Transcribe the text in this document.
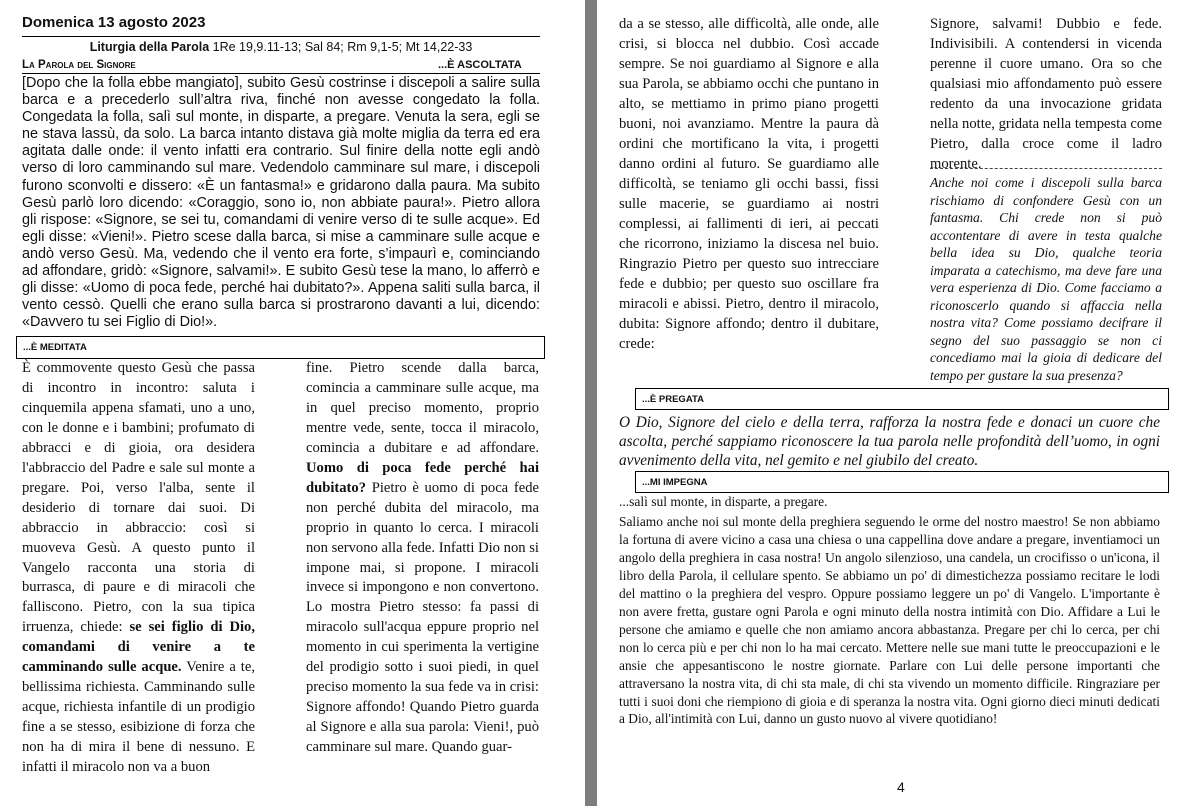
Domenica 13 agosto 2023
Liturgia della Parola 1Re 19,9.11-13; Sal 84; Rm 9,1-5; Mt 14,22-33
La Parola del Signore	...È ASCOLTATA
[Dopo che la folla ebbe mangiato], subito Gesù costrinse i discepoli a salire sulla barca e a precederlo sull’altra riva, finché non avesse congedato la folla. Congedata la folla, salì sul monte, in disparte, a pregare. Venuta la sera, egli se ne stava lassù, da solo. La barca intanto distava già molte miglia da terra ed era agitata dalle onde: il vento infatti era contrario. Sul finire della notte egli andò verso di loro camminando sul mare. Vedendolo camminare sul mare, i discepoli furono sconvolti e dissero: «È un fantasma!» e gridarono dalla paura. Ma subito Gesù parlò loro dicendo: «Coraggio, sono io, non abbiate paura!». Pietro allora gli rispose: «Signore, se sei tu, comandami di venire verso di te sulle acque». Ed egli disse: «Vieni!». Pietro scese dalla barca, si mise a camminare sulle acque e andò verso Gesù. Ma, vedendo che il vento era forte, s’impaurì e, cominciando ad affondare, gridò: «Signore, salvami!». E subito Gesù tese la mano, lo afferrò e gli disse: «Uomo di poca fede, perché hai dubitato?». Appena saliti sulla barca, il vento cessò. Quelli che erano sulla barca si prostrarono davanti a lui, dicendo: «Davvero tu sei Figlio di Dio!».
...È MEDITATA
È commovente questo Gesù che passa di incontro in incontro: saluta i cinquemila appena sfamati, uno a uno, con le donne e i bambini; profumato di abbracci e di gioia, ora desidera l'abbraccio del Padre e sale sul monte a pregare. Poi, verso l'alba, sente il desiderio di tornare dai suoi. Di abbraccio in abbraccio: così si muoveva Gesù. A questo punto il Vangelo racconta una storia di burrasca, di paure e di miracoli che falliscono. Pietro, con la sua tipica irruenza, chiede: se sei figlio di Dio, comandami di venire a te camminando sulle acque. Venire a te, bellissima richiesta. Camminando sulle acque, richiesta infantile di un prodigio fine a se stesso, esibizione di forza che non ha di mira il bene di nessuno. E infatti il miracolo non va a buon
fine. Pietro scende dalla barca, comincia a camminare sulle acque, ma in quel preciso momento, proprio mentre vede, sente, tocca il miracolo, comincia a dubitare e ad affondare. Uomo di poca fede perché hai dubitato? Pietro è uomo di poca fede non perché dubita del miracolo, ma proprio in quanto lo cerca. I miracoli non servono alla fede. Infatti Dio non si impone mai, si propone. I miracoli invece si impongono e non convertono. Lo mostra Pietro stesso: fa passi di miracolo sull'acqua eppure proprio nel momento in cui sperimenta la vertigine del prodigio sotto i suoi piedi, in quel preciso momento la sua fede va in crisi: Signore affondo! Quando Pietro guarda al Signore e alla sua parola: Vieni!, può camminare sul mare. Quando guar-
da a se stesso, alle difficoltà, alle onde, alle crisi, si blocca nel dubbio. Così accade sempre. Se noi guardiamo al Signore e alla sua Parola, se abbiamo occhi che puntano in alto, se mettiamo in primo piano progetti buoni, noi avanziamo. Mentre la paura dà ordini che mortificano la vita, i progetti danno ordini al futuro. Se guardiamo alle difficoltà, se teniamo gli occhi bassi, fissi sulle macerie, se guardiamo ai nostri complessi, ai fallimenti di ieri, ai peccati che ricorrono, iniziamo la discesa nel buio. Ringrazio Pietro per questo suo intrecciare fede e dubbio; per questo suo oscillare fra miracoli e abissi. Pietro, dentro il miracolo, dubita: Signore affondo; dentro il dubitare, crede:
Signore, salvami! Dubbio e fede. Indivisibili. A contendersi in vicenda perenne il cuore umano. Ora so che qualsiasi mio affondamento può essere redento da una invocazione gridata nella notte, gridata nella tempesta come Pietro, dalla croce come il ladro morente.
Anche noi come i discepoli sulla barca rischiamo di confondere Gesù con un fantasma. Chi crede non si può accontentare di avere in testa qualche bella idea su Dio, qualche teoria imparata a catechismo, ma deve fare una vera esperienza di Dio. Come facciamo a riconoscerlo quando si affaccia nella nostra vita? Come possiamo decifrare il segno del suo passaggio se non ci concediamo mai la gioia di dedicare del tempo per gustare la sua presenza?
...È PREGATA
O Dio, Signore del cielo e della terra, rafforza la nostra fede e donaci un cuore che ascolta, perché sappiamo riconoscere la tua parola nelle profondità dell’uomo, in ogni avvenimento della vita, nel gemito e nel giubilo del creato.
...MI IMPEGNA
...salì sul monte, in disparte, a pregare.
Saliamo anche noi sul monte della preghiera seguendo le orme del nostro maestro! Se non abbiamo la fortuna di avere vicino a casa una chiesa o una cappellina dove andare a pregare, inventiamoci un angolo della preghiera in casa nostra! Un angolo silenzioso, una candela, un crocifisso o un'icona, il libro della Parola, il cellulare spento. Se abbiamo un po' di dimestichezza possiamo recitare le lodi del mattino o la preghiera del vespro. Oppure possiamo leggere un po' di Vangelo. L'importante è non avere fretta, gustare ogni Parola e ogni minuto della nostra intimità con Dio. Affidare a Lui le persone che amiamo e quelle che non amiamo ancora abbastanza. Pregare per chi lo cerca, per chi non lo cerca più e per chi non lo ha mai cercato. Mettere nelle sue mani tutte le preoccupazioni e le ansie che appesantiscono le nostre giornate. Parlare con Lui delle persone importanti che attraversano la nostra vita, di chi sta male, di chi sta vivendo un momento difficile. Ringraziare per tutti i suoi doni che riempiono di gioia e di speranza la nostra vita. Ogni giorno dieci minuti dedicati a Dio, all'intimità con Lui, danno un gusto nuovo al vivere quotidiano!
4
